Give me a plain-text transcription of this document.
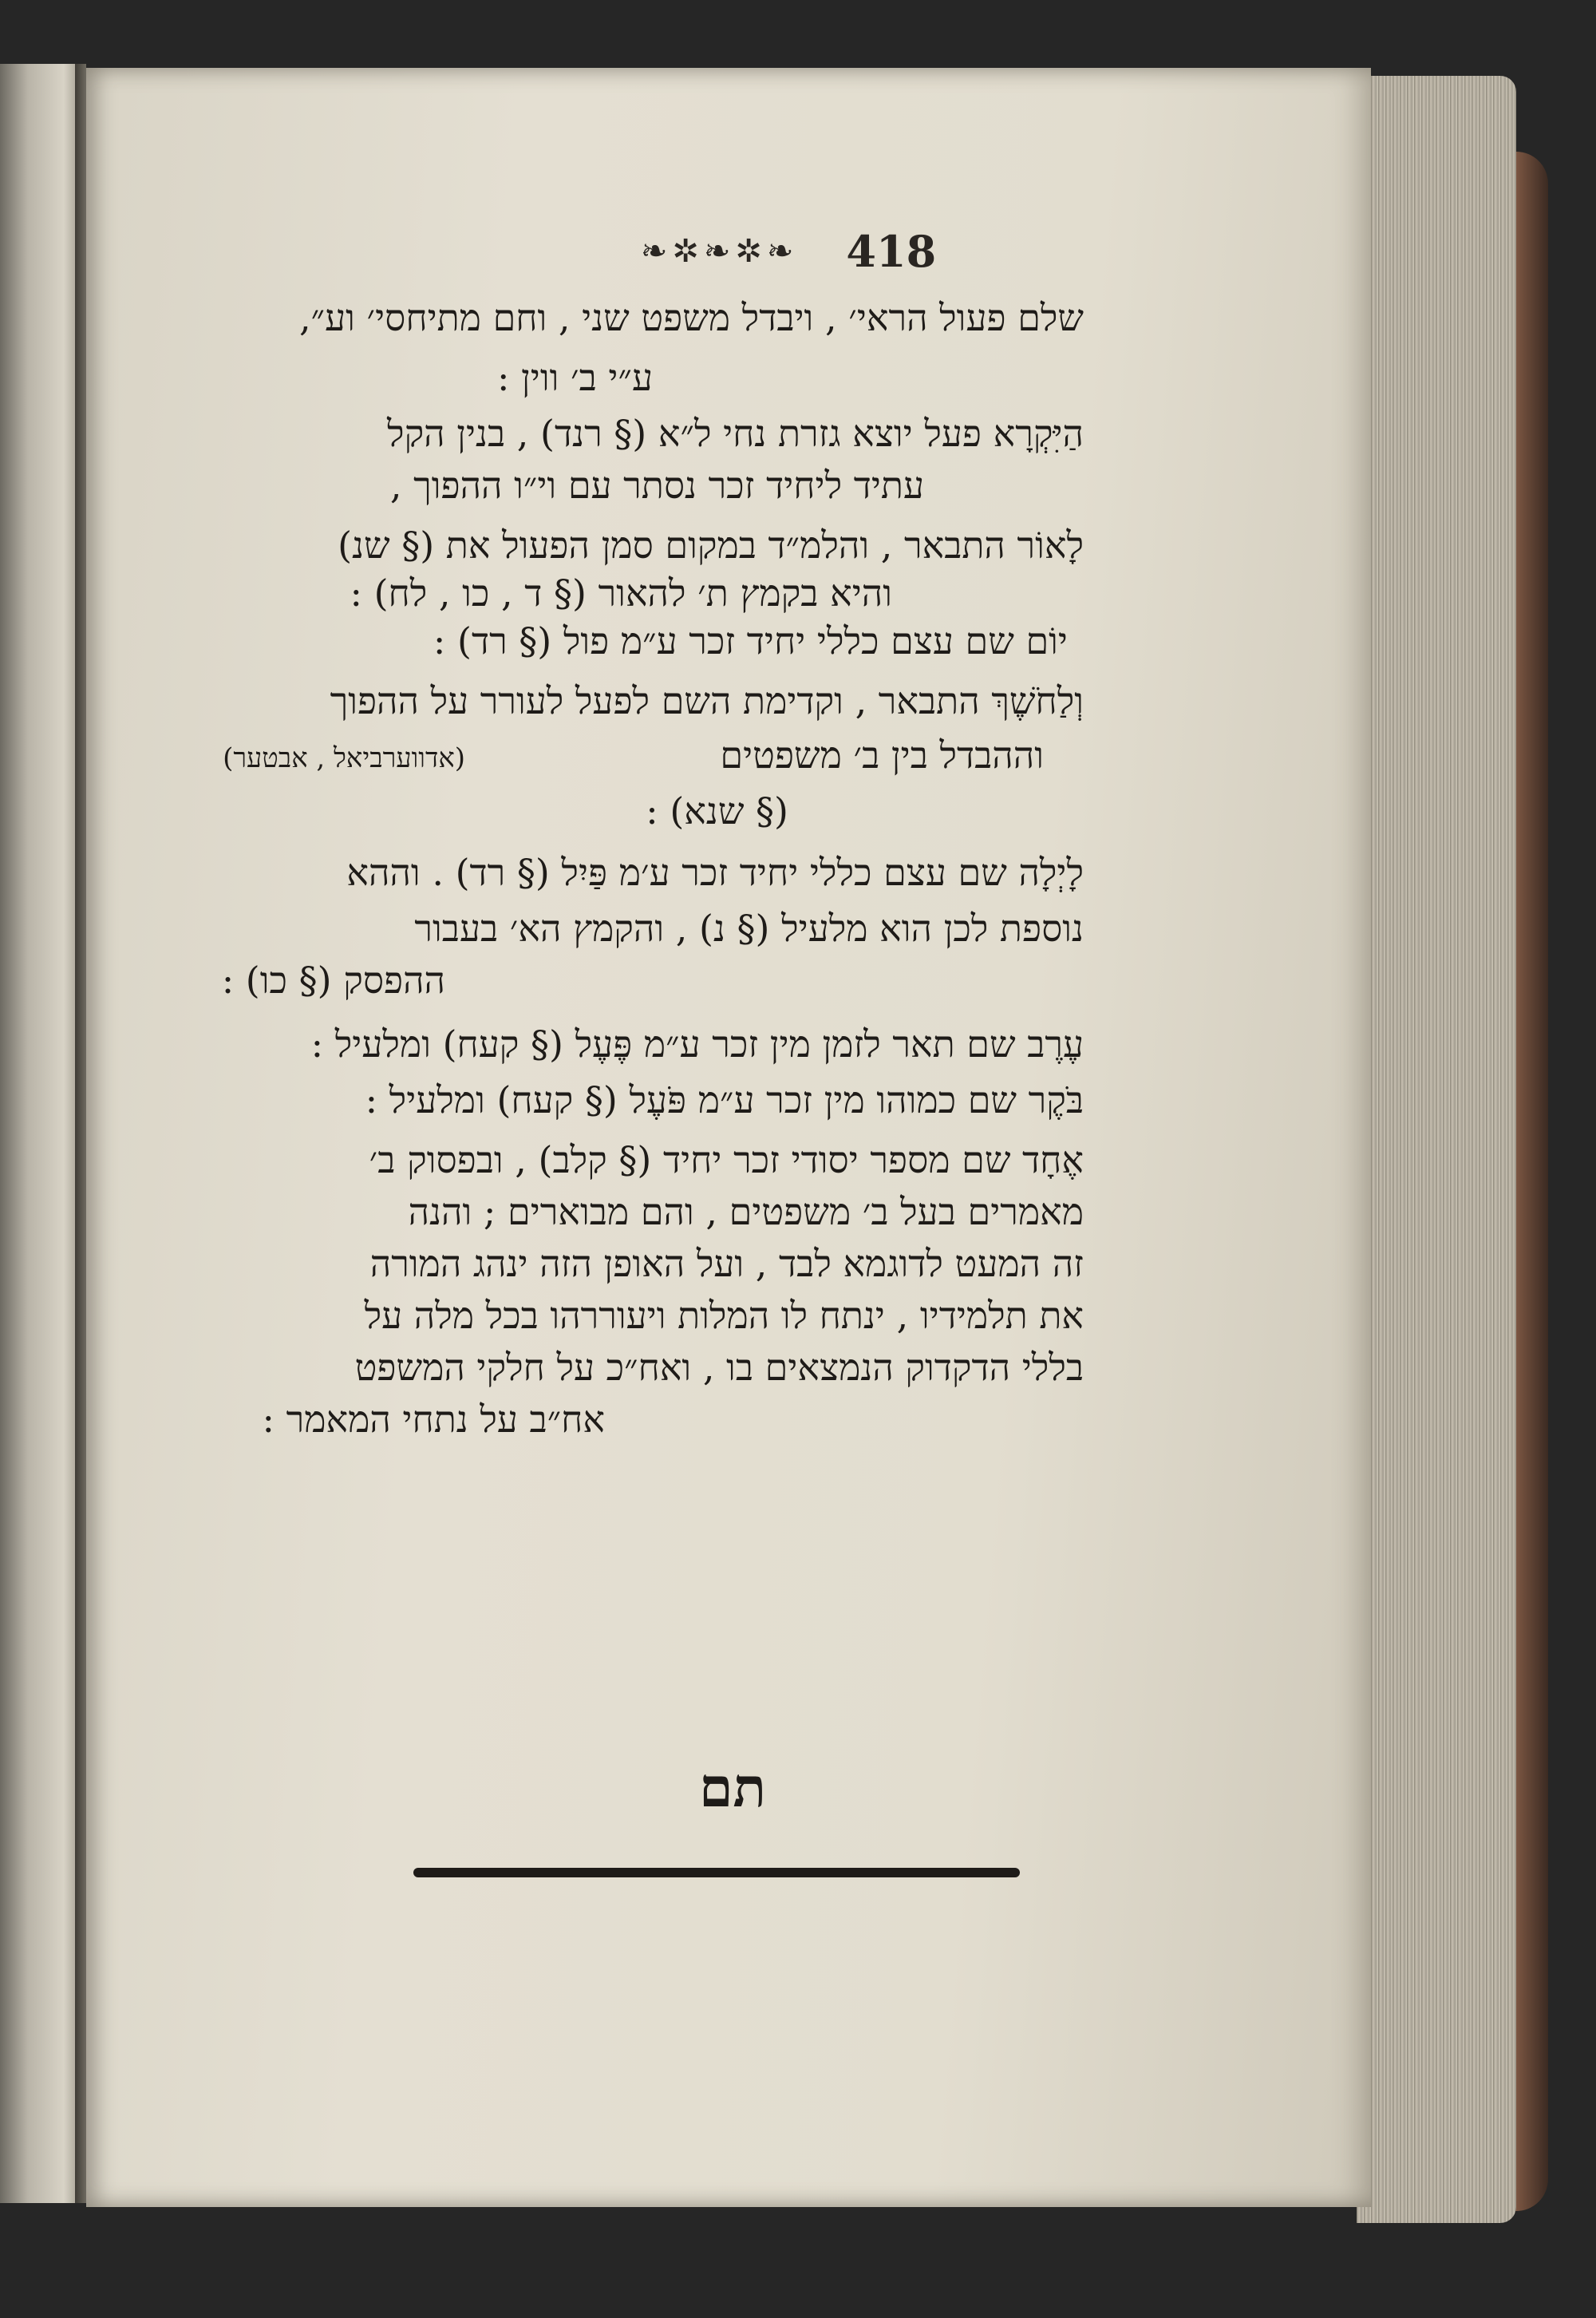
❧✲❧✲❧ 418
שלם פעול הראי׳ , ויבדל משפט שני , וחם מתיחסי׳ וע״,
ע״י ב׳ ווין :
הַיִּקְרָא פעל יוצא גזרת נחי ל״א (§ רנד) , בנין הקל
עתיד ליחיד זכר נסתר עם וי״ו ההפוך ,
לָאוֹר התבאר , והלמ״ד במקום סמן הפעול את (§ שנ)
והיא בקמץ ת׳ להאור (§ ד , כו , לח) :
יוֹם שם עצם כללי יחיד זכר ע״מ פול (§ רד) :
וְלַחֹשֶׁךְ התבאר , וקדימת השם לפעל לעורר על ההפוך
וההבדל בין ב׳ משפטים
(אדווערביאל , אבטער)
(§ שנא) :
לָיְלָה שם עצם כללי יחיד זכר ע׳מ פַּיִל (§ רד) . וההא
נוספת לכן הוא מלעיל (§ נ) , והקמץ הא׳ בעבור
ההפסק (§ כו) :
עֶרֶב שם תאר לזמן מין זכר ע״מ פֶּעֶל (§ קעח) ומלעיל :
בֹּקֶר שם כמוהו מין זכר ע״מ פֹּעֶל (§ קעח) ומלעיל :
אֶחָד שם מספר יסודי זכר יחיד (§ קלב) , ובפסוק ב׳
מאמרים בעל ב׳ משפטים , והם מבוארים ; והנה
זה המעט לדוגמא לבד , ועל האופן הזה ינהג המורה
את תלמידיו , ינתח לו המלות ויעוררהו בכל מלה על
בללי הדקדוק הנמצאים בו , ואח״כ על חלקי המשפט
אח״ב על נתחי המאמר :
תם
